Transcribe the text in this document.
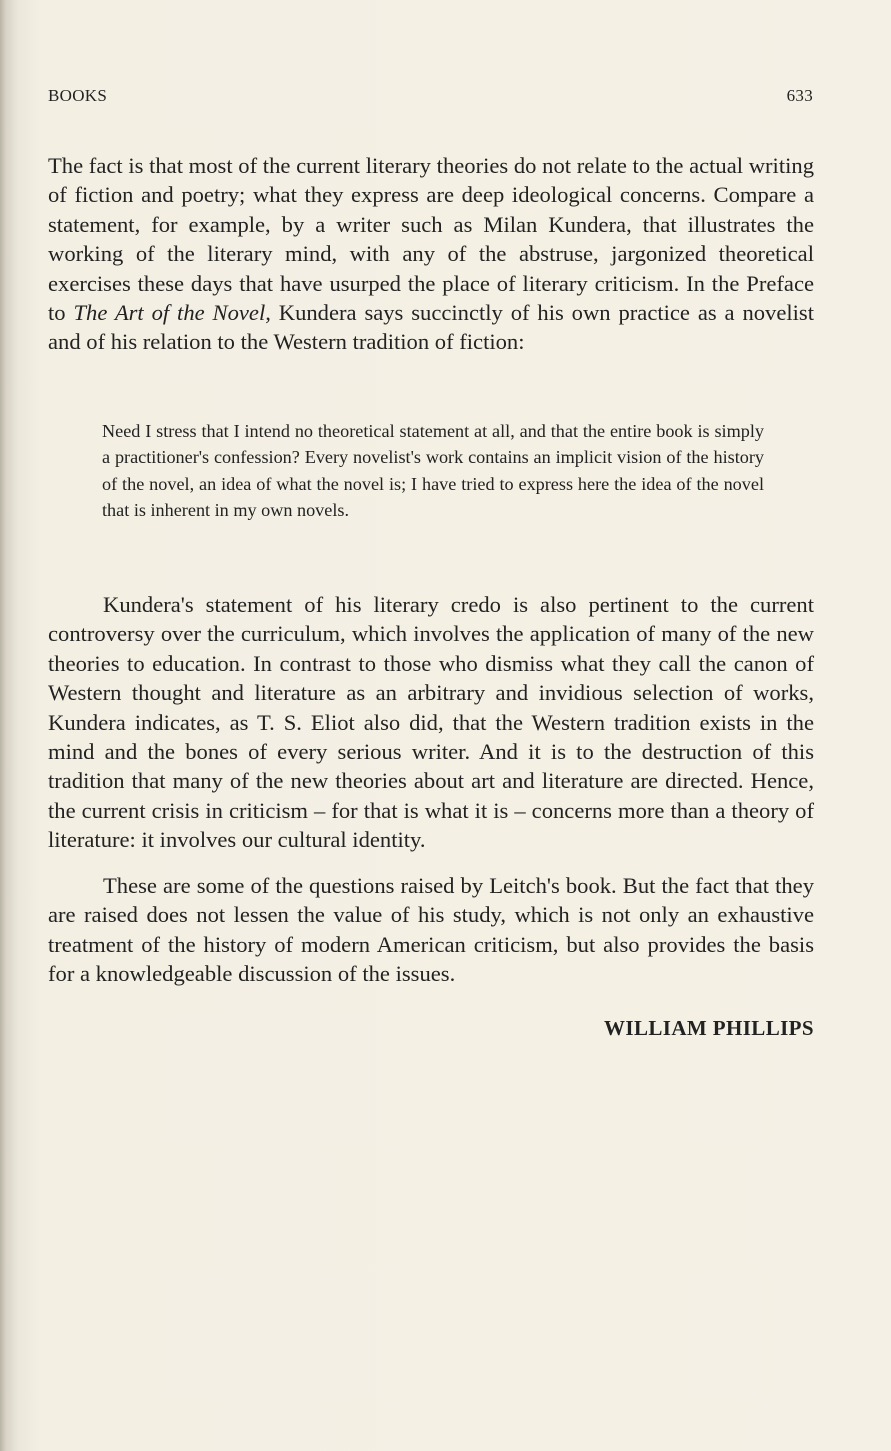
BOOKS	633

The fact is that most of the current literary theories do not relate to the actual writing of fiction and poetry; what they express are deep ideological concerns. Compare a statement, for example, by a writer such as Milan Kundera, that illustrates the working of the literary mind, with any of the abstruse, jargonized theoretical exercises these days that have usurped the place of literary criticism. In the Preface to The Art of the Novel, Kundera says succinctly of his own practice as a novelist and of his relation to the Western tradition of fiction:

Need I stress that I intend no theoretical statement at all, and that the entire book is simply a practitioner's confession? Every novelist's work contains an implicit vision of the history of the novel, an idea of what the novel is; I have tried to express here the idea of the novel that is inherent in my own novels.

Kundera's statement of his literary credo is also pertinent to the current controversy over the curriculum, which involves the application of many of the new theories to education. In contrast to those who dismiss what they call the canon of Western thought and literature as an arbitrary and invidious selection of works, Kundera indicates, as T. S. Eliot also did, that the Western tradition exists in the mind and the bones of every serious writer. And it is to the destruction of this tradition that many of the new theories about art and literature are directed. Hence, the current crisis in criticism – for that is what it is – concerns more than a theory of literature: it involves our cultural identity.

These are some of the questions raised by Leitch's book. But the fact that they are raised does not lessen the value of his study, which is not only an exhaustive treatment of the history of modern American criticism, but also provides the basis for a knowledgeable discussion of the issues.

WILLIAM PHILLIPS
